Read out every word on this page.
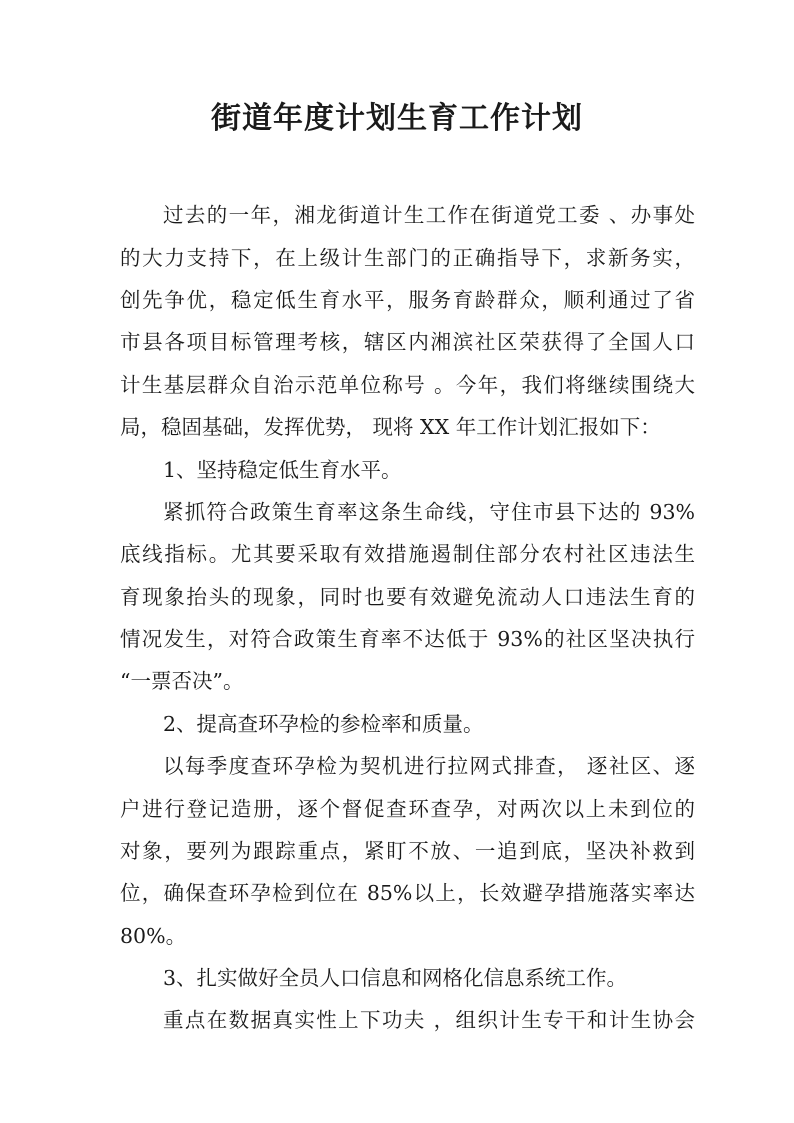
街道年度计划生育工作计划

过去的一年，湘龙街道计生工作在街道党工委 、办事处

的大力支持下，在上级计生部门的正确指导下，求新务实，

创先争优，稳定低生育水平，服务育龄群众，顺利通过了省

市县各项目标管理考核，辖区内湘滨社区荣获得了全国人口

计生基层群众自治示范单位称号 。今年，我们将继续围绕大

局，稳固基础，发挥优势， 现将 XX 年工作计划汇报如下：

1、坚持稳定低生育水平。

紧抓符合政策生育率这条生命线，守住市县下达的 93%

底线指标。尤其要采取有效措施遏制住部分农村社区违法生

育现象抬头的现象，同时也要有效避免流动人口违法生育的

情况发生，对符合政策生育率不达低于 93%的社区坚决执行

“一票否决”。

2、提高查环孕检的参检率和质量。

以每季度查环孕检为契机进行拉网式排查， 逐社区、逐

户进行登记造册，逐个督促查环查孕，对两次以上未到位的

对象，要列为跟踪重点，紧盯不放、一追到底，坚决补救到

位，确保查环孕检到位在 85%以上，长效避孕措施落实率达

80%。

3、扎实做好全员人口信息和网格化信息系统工作。

重点在数据真实性上下功夫 ，组织计生专干和计生协会
